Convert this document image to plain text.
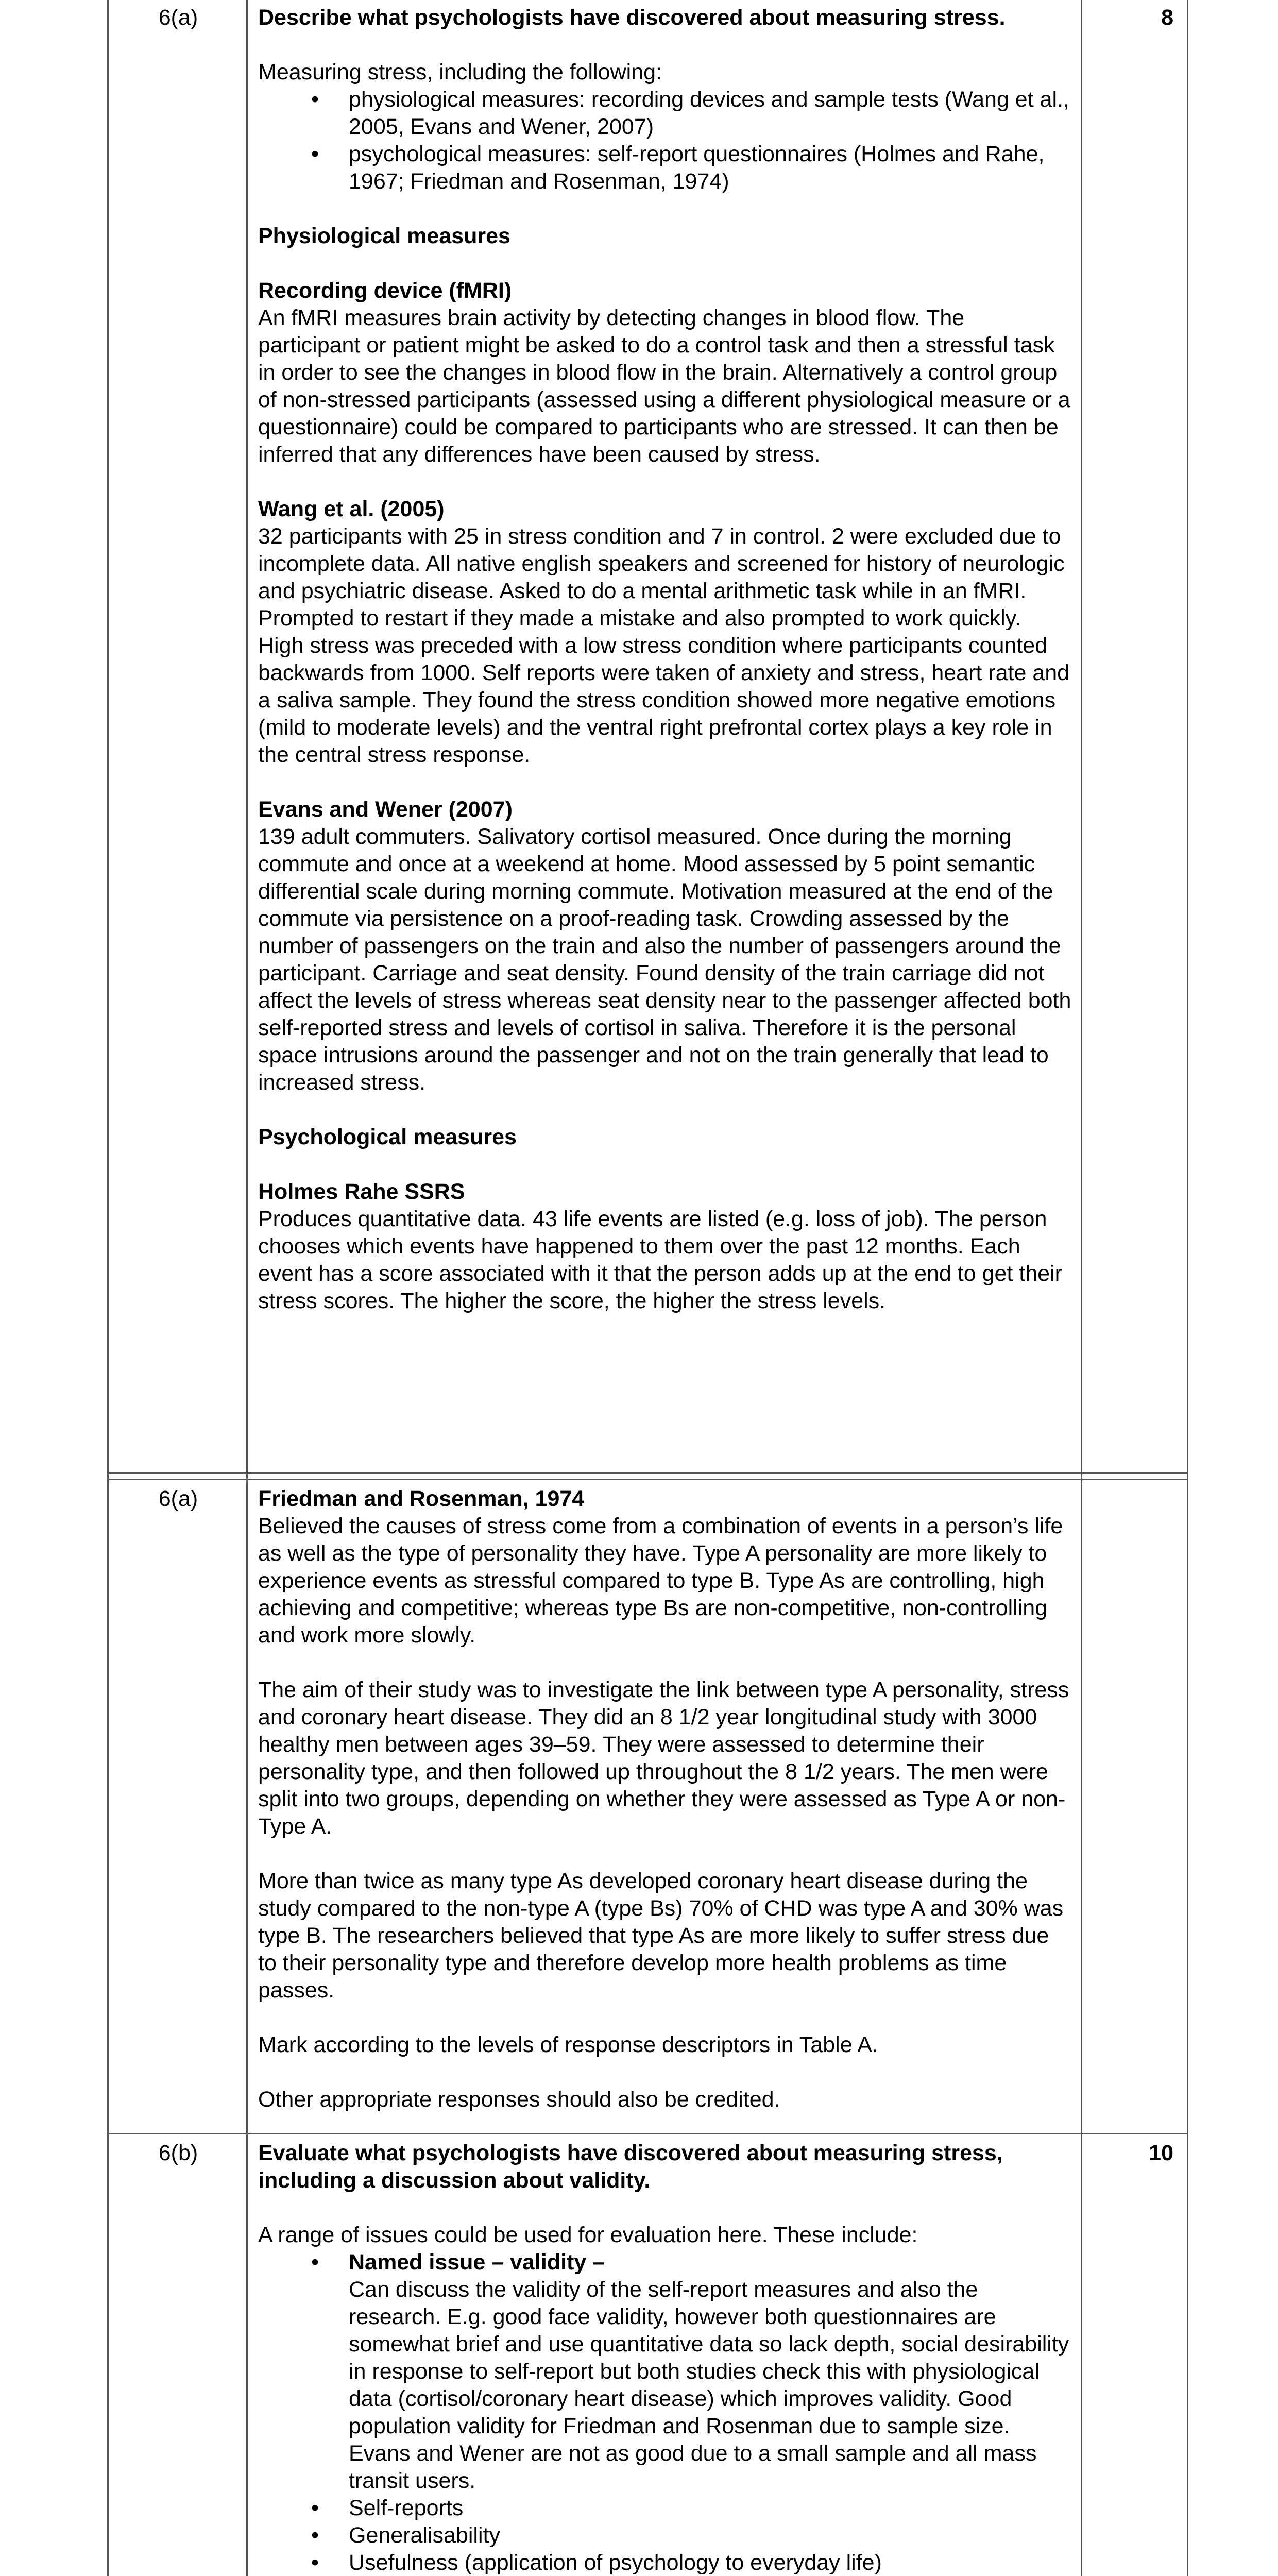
6(a)	8

Describe what psychologists have discovered about measuring stress.

Measuring stress, including the following:

• physiological measures: recording devices and sample tests (Wang et al., 2005, Evans and Wener, 2007)
• psychological measures: self-report questionnaires (Holmes and Rahe, 1967; Friedman and Rosenman, 1974)

Physiological measures

Recording device (fMRI)

An fMRI measures brain activity by detecting changes in blood flow. The participant or patient might be asked to do a control task and then a stressful task in order to see the changes in blood flow in the brain. Alternatively a control group of non-stressed participants (assessed using a different physiological measure or a questionnaire) could be compared to participants who are stressed. It can then be inferred that any differences have been caused by stress.

Wang et al. (2005)

32 participants with 25 in stress condition and 7 in control. 2 were excluded due to incomplete data. All native english speakers and screened for history of neurologic and psychiatric disease. Asked to do a mental arithmetic task while in an fMRI. Prompted to restart if they made a mistake and also prompted to work quickly. High stress was preceded with a low stress condition where participants counted backwards from 1000. Self reports were taken of anxiety and stress, heart rate and a saliva sample. They found the stress condition showed more negative emotions (mild to moderate levels) and the ventral right prefrontal cortex plays a key role in the central stress response.

Evans and Wener (2007)

139 adult commuters. Salivatory cortisol measured. Once during the morning commute and once at a weekend at home. Mood assessed by 5 point semantic differential scale during morning commute. Motivation measured at the end of the commute via persistence on a proof-reading task. Crowding assessed by the number of passengers on the train and also the number of passengers around the participant. Carriage and seat density. Found density of the train carriage did not affect the levels of stress whereas seat density near to the passenger affected both self-reported stress and levels of cortisol in saliva. Therefore it is the personal space intrusions around the passenger and not on the train generally that lead to increased stress.

Psychological measures

Holmes Rahe SSRS

Produces quantitative data. 43 life events are listed (e.g. loss of job). The person chooses which events have happened to them over the past 12 months. Each event has a score associated with it that the person adds up at the end to get their stress scores. The higher the score, the higher the stress levels.

6(a)	Friedman and Rosenman, 1974

Believed the causes of stress come from a combination of events in a person’s life as well as the type of personality they have. Type A personality are more likely to experience events as stressful compared to type B. Type As are controlling, high achieving and competitive; whereas type Bs are non-competitive, non-controlling and work more slowly.

The aim of their study was to investigate the link between type A personality, stress and coronary heart disease. They did an 8 1/2 year longitudinal study with 3000 healthy men between ages 39–59. They were assessed to determine their personality type, and then followed up throughout the 8 1/2 years. The men were split into two groups, depending on whether they were assessed as Type A or non-Type A.

More than twice as many type As developed coronary heart disease during the study compared to the non-type A (type Bs) 70% of CHD was type A and 30% was type B. The researchers believed that type As are more likely to suffer stress due to their personality type and therefore develop more health problems as time passes.

Mark according to the levels of response descriptors in Table A.

Other appropriate responses should also be credited.

6(b)	10

Evaluate what psychologists have discovered about measuring stress, including a discussion about validity.

A range of issues could be used for evaluation here. These include:

• Named issue – validity –
Can discuss the validity of the self-report measures and also the research. E.g. good face validity, however both questionnaires are somewhat brief and use quantitative data so lack depth, social desirability in response to self-report but both studies check this with physiological data (cortisol/coronary heart disease) which improves validity. Good population validity for Friedman and Rosenman due to sample size. Evans and Wener are not as good due to a small sample and all mass transit users.
• Self-reports
• Generalisability
• Usefulness (application of psychology to everyday life)
